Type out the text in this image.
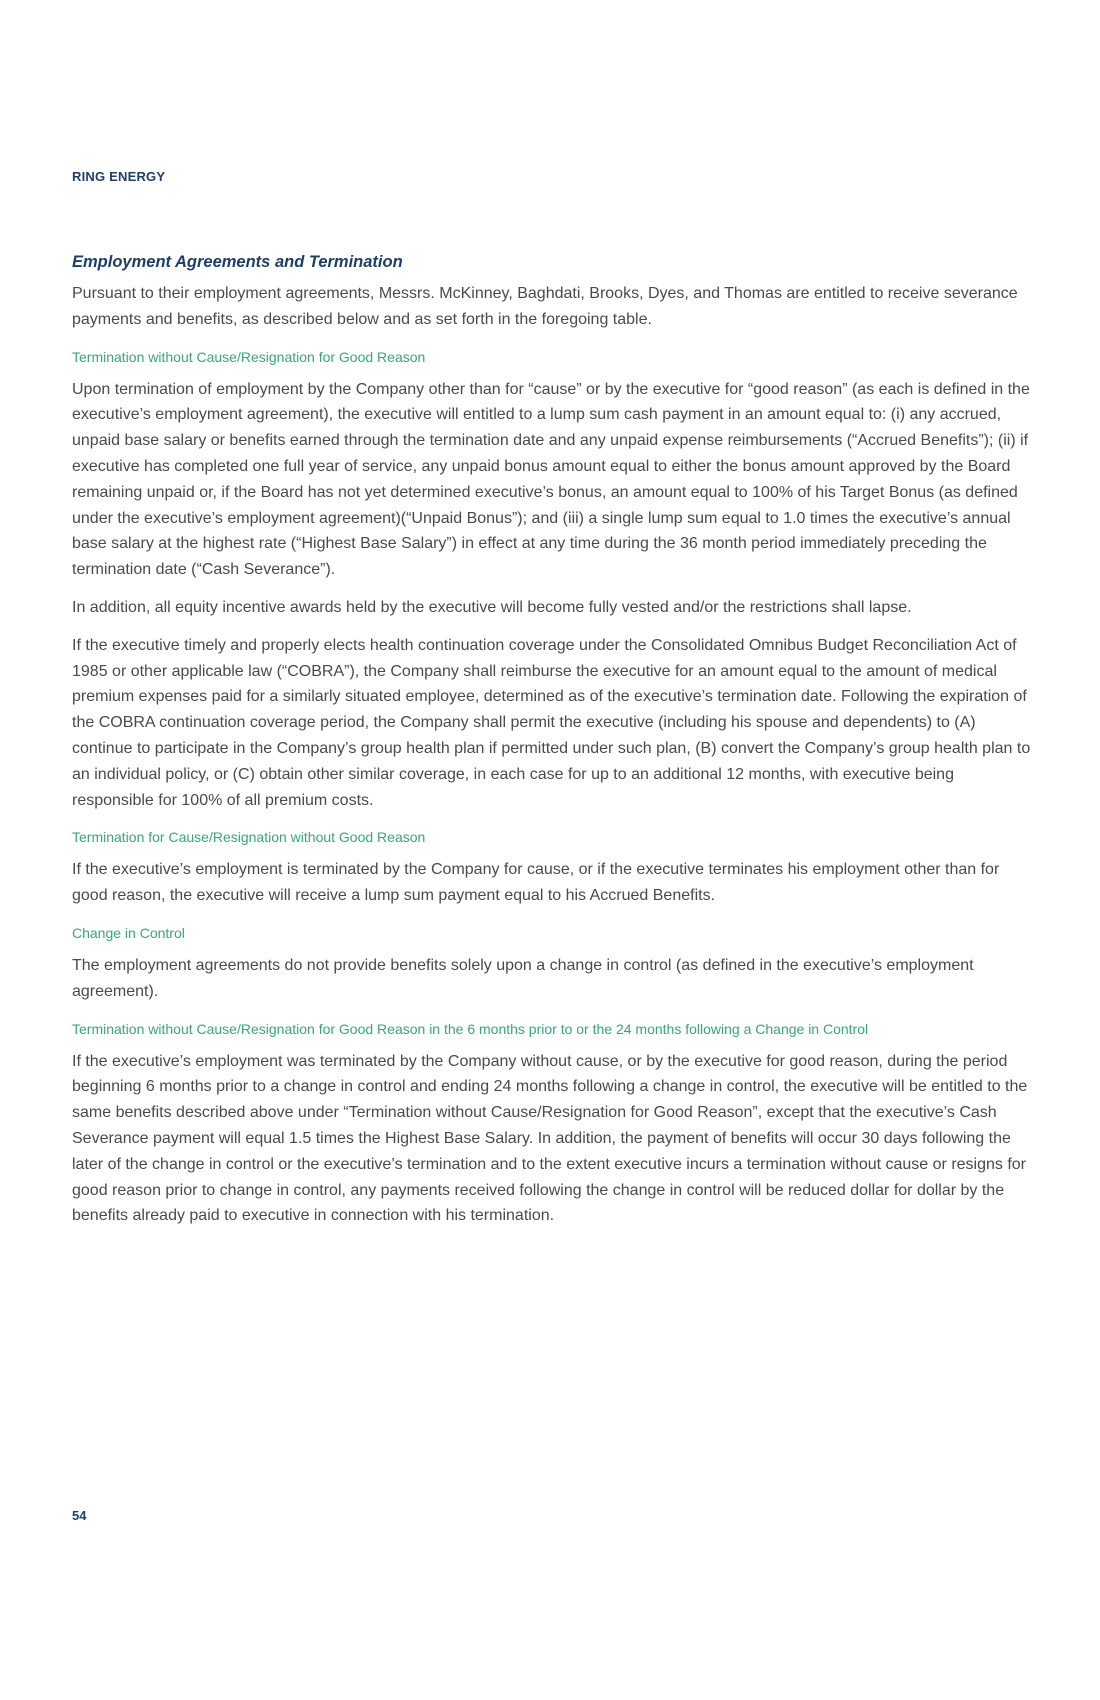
RING ENERGY
Employment Agreements and Termination

Pursuant to their employment agreements, Messrs. McKinney, Baghdati, Brooks, Dyes, and Thomas are entitled to receive severance payments and benefits, as described below and as set forth in the foregoing table.

Termination without Cause/Resignation for Good Reason

Upon termination of employment by the Company other than for “cause” or by the executive for “good reason” (as each is defined in the executive’s employment agreement), the executive will entitled to a lump sum cash payment in an amount equal to: (i) any accrued, unpaid base salary or benefits earned through the termination date and any unpaid expense reimbursements (“Accrued Benefits”); (ii) if executive has completed one full year of service, any unpaid bonus amount equal to either the bonus amount approved by the Board remaining unpaid or, if the Board has not yet determined executive’s bonus, an amount equal to 100% of his Target Bonus (as defined under the executive’s employment agreement)(“Unpaid Bonus”); and (iii) a single lump sum equal to 1.0 times the executive’s annual base salary at the highest rate (“Highest Base Salary”) in effect at any time during the 36 month period immediately preceding the termination date (“Cash Severance”).

In addition, all equity incentive awards held by the executive will become fully vested and/or the restrictions shall lapse.

If the executive timely and properly elects health continuation coverage under the Consolidated Omnibus Budget Reconciliation Act of 1985 or other applicable law (“COBRA”), the Company shall reimburse the executive for an amount equal to the amount of medical premium expenses paid for a similarly situated employee, determined as of the executive’s termination date. Following the expiration of the COBRA continuation coverage period, the Company shall permit the executive (including his spouse and dependents) to (A) continue to participate in the Company’s group health plan if permitted under such plan, (B) convert the Company’s group health plan to an individual policy, or (C) obtain other similar coverage, in each case for up to an additional 12 months, with executive being responsible for 100% of all premium costs.

Termination for Cause/Resignation without Good Reason

If the executive’s employment is terminated by the Company for cause, or if the executive terminates his employment other than for good reason, the executive will receive a lump sum payment equal to his Accrued Benefits.

Change in Control

The employment agreements do not provide benefits solely upon a change in control (as defined in the executive’s employment agreement).

Termination without Cause/Resignation for Good Reason in the 6 months prior to or the 24 months following a Change in Control

If the executive’s employment was terminated by the Company without cause, or by the executive for good reason, during the period beginning 6 months prior to a change in control and ending 24 months following a change in control, the executive will be entitled to the same benefits described above under “Termination without Cause/Resignation for Good Reason”, except that the executive’s Cash Severance payment will equal 1.5 times the Highest Base Salary. In addition, the payment of benefits will occur 30 days following the later of the change in control or the executive’s termination and to the extent executive incurs a termination without cause or resigns for good reason prior to change in control, any payments received following the change in control will be reduced dollar for dollar by the benefits already paid to executive in connection with his termination.

54
